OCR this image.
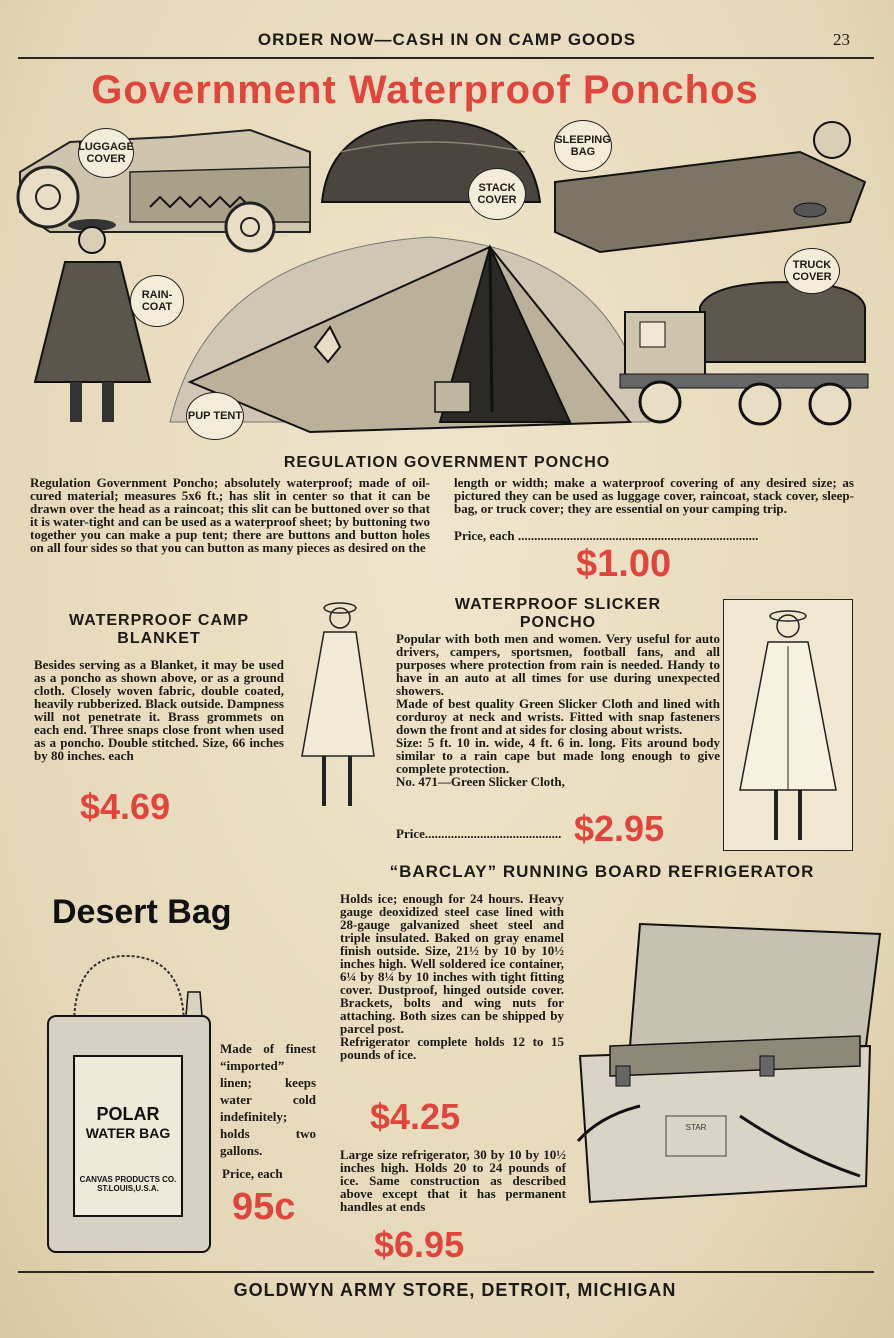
ORDER NOW—CASH IN ON CAMP GOODS	23
Government Waterproof Ponchos
LUGGAGE COVER
STACK COVER
SLEEPING BAG
RAIN-COAT
TRUCK COVER
PUP TENT
REGULATION GOVERNMENT PONCHO
Regulation Government Poncho; absolutely waterproof; made of oil-cured material; measures 5x6 ft.; has slit in center so that it can be drawn over the head as a raincoat; this slit can be buttoned over so that it is water-tight and can be used as a waterproof sheet; by buttoning two together you can make a pup tent; there are buttons and button holes on all four sides so that you can button as many pieces as desired on the
length or width; make a waterproof covering of any desired size; as pictured they can be used as luggage cover, raincoat, stack cover, sleep-bag, or truck cover; they are essential on your camping trip.
Price, each ..........................................................................
$1.00
WATERPROOF CAMP
BLANKET
Besides serving as a Blanket, it may be used as a poncho as shown above, or as a ground cloth. Closely woven fabric, double coated, heavily rubberized. Black outside. Dampness will not penetrate it. Brass grommets on each end. Three snaps close front when used as a poncho. Double stitched. Size, 66 inches by 80 inches. each
$4.69
WATERPROOF SLICKER
PONCHO
Popular with both men and women. Very useful for auto drivers, campers, sportsmen, football fans, and all purposes where protection from rain is needed. Handy to have in an auto at all times for use during unexpected showers.
Made of best quality Green Slicker Cloth and lined with corduroy at neck and wrists. Fitted with snap fasteners down the front and at sides for closing about wrists.
Size: 5 ft. 10 in. wide, 4 ft. 6 in. long. Fits around body similar to a rain cape but made long enough to give complete protection.
No. 471—Green Slicker Cloth,
Price.......................................... $2.95
“BARCLAY” RUNNING BOARD REFRIGERATOR
Holds ice; enough for 24 hours. Heavy gauge deoxidized steel case lined with 28-gauge galvanized sheet steel and triple insulated. Baked on gray enamel finish outside. Size, 21½ by 10 by 10½ inches high. Well soldered ice container, 6¼ by 8¼ by 10 inches with tight fitting cover. Dustproof, hinged outside cover. Brackets, bolts and wing nuts for attaching. Both sizes can be shipped by parcel post.
Refrigerator complete holds 12 to 15 pounds of ice.
$4.25
Large size refrigerator, 30 by 10 by 10½ inches high. Holds 20 to 24 pounds of ice. Same construction as described above except that it has permanent handles at ends
$6.95
STAR
Desert Bag
POLAR
WATER BAG
CANVAS PRODUCTS CO.
ST.LOUIS,U.S.A.
Made of finest “imported” linen; keeps water cold indefinitely; holds two gallons.
Price, each
95c
GOLDWYN ARMY STORE, DETROIT, MICHIGAN
